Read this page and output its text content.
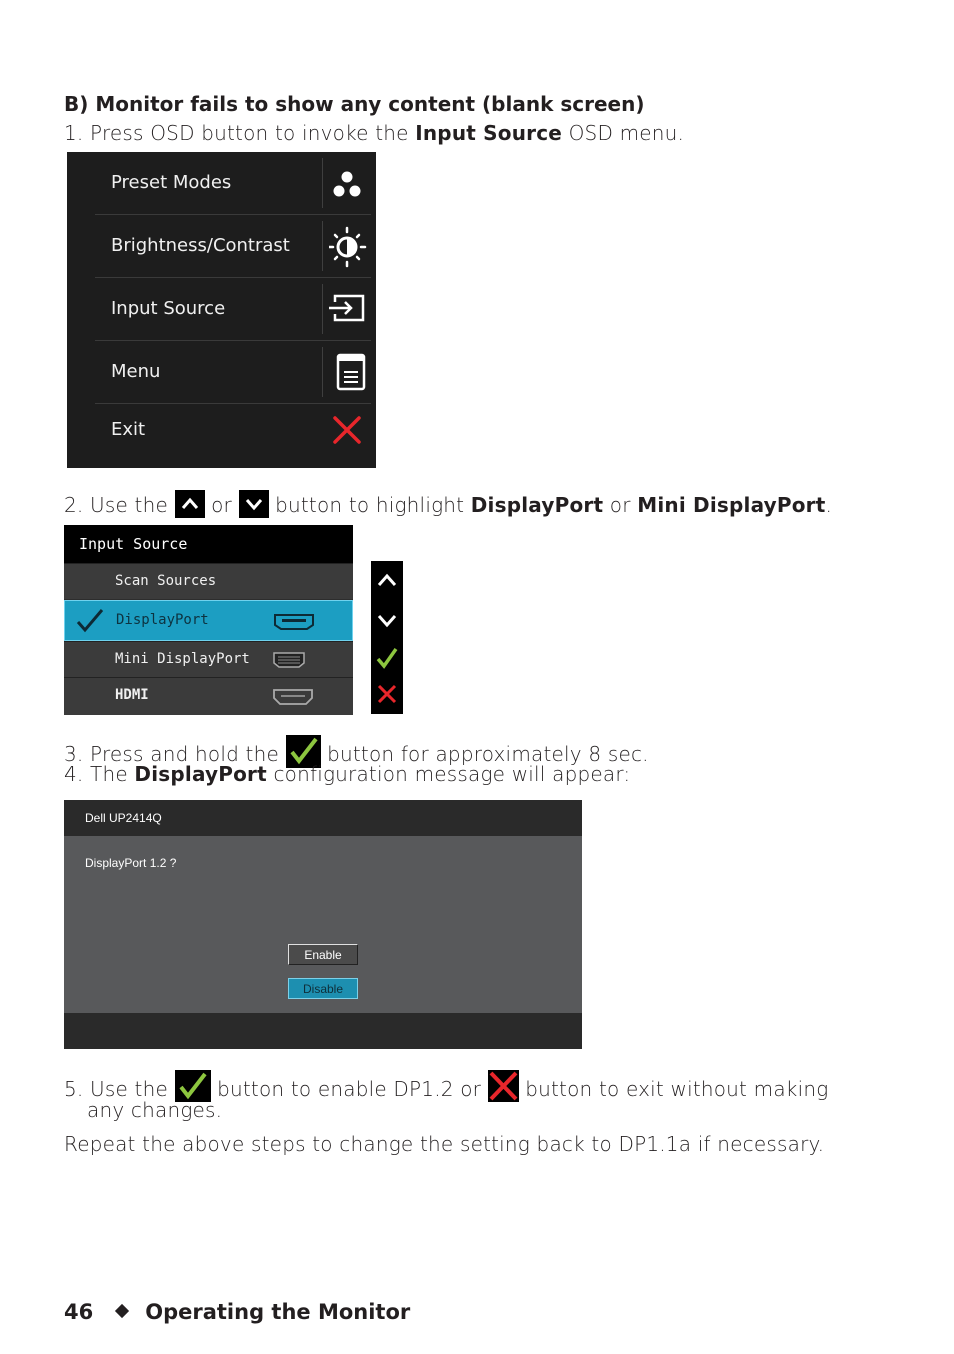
B) Monitor fails to show any content (blank screen)
1. Press OSD button to invoke the Input Source OSD menu.
Preset Modes
Brightness/Contrast
Input Source
Menu
Exit
2. Use the  or  button to highlight DisplayPort or Mini DisplayPort.
Input Source
Scan Sources
DisplayPort
Mini DisplayPort
HDMI
3. Press and hold the  button for approximately 8 sec.
4. The DisplayPort configuration message will appear:
Dell UP2414Q
DisplayPort 1.2 ?
Enable
Disable
5. Use the  button to enable DP1.2 or  button to exit without making
any changes.
Repeat the above steps to change the setting back to DP1.1a if necessary.
46 Operating the Monitor
